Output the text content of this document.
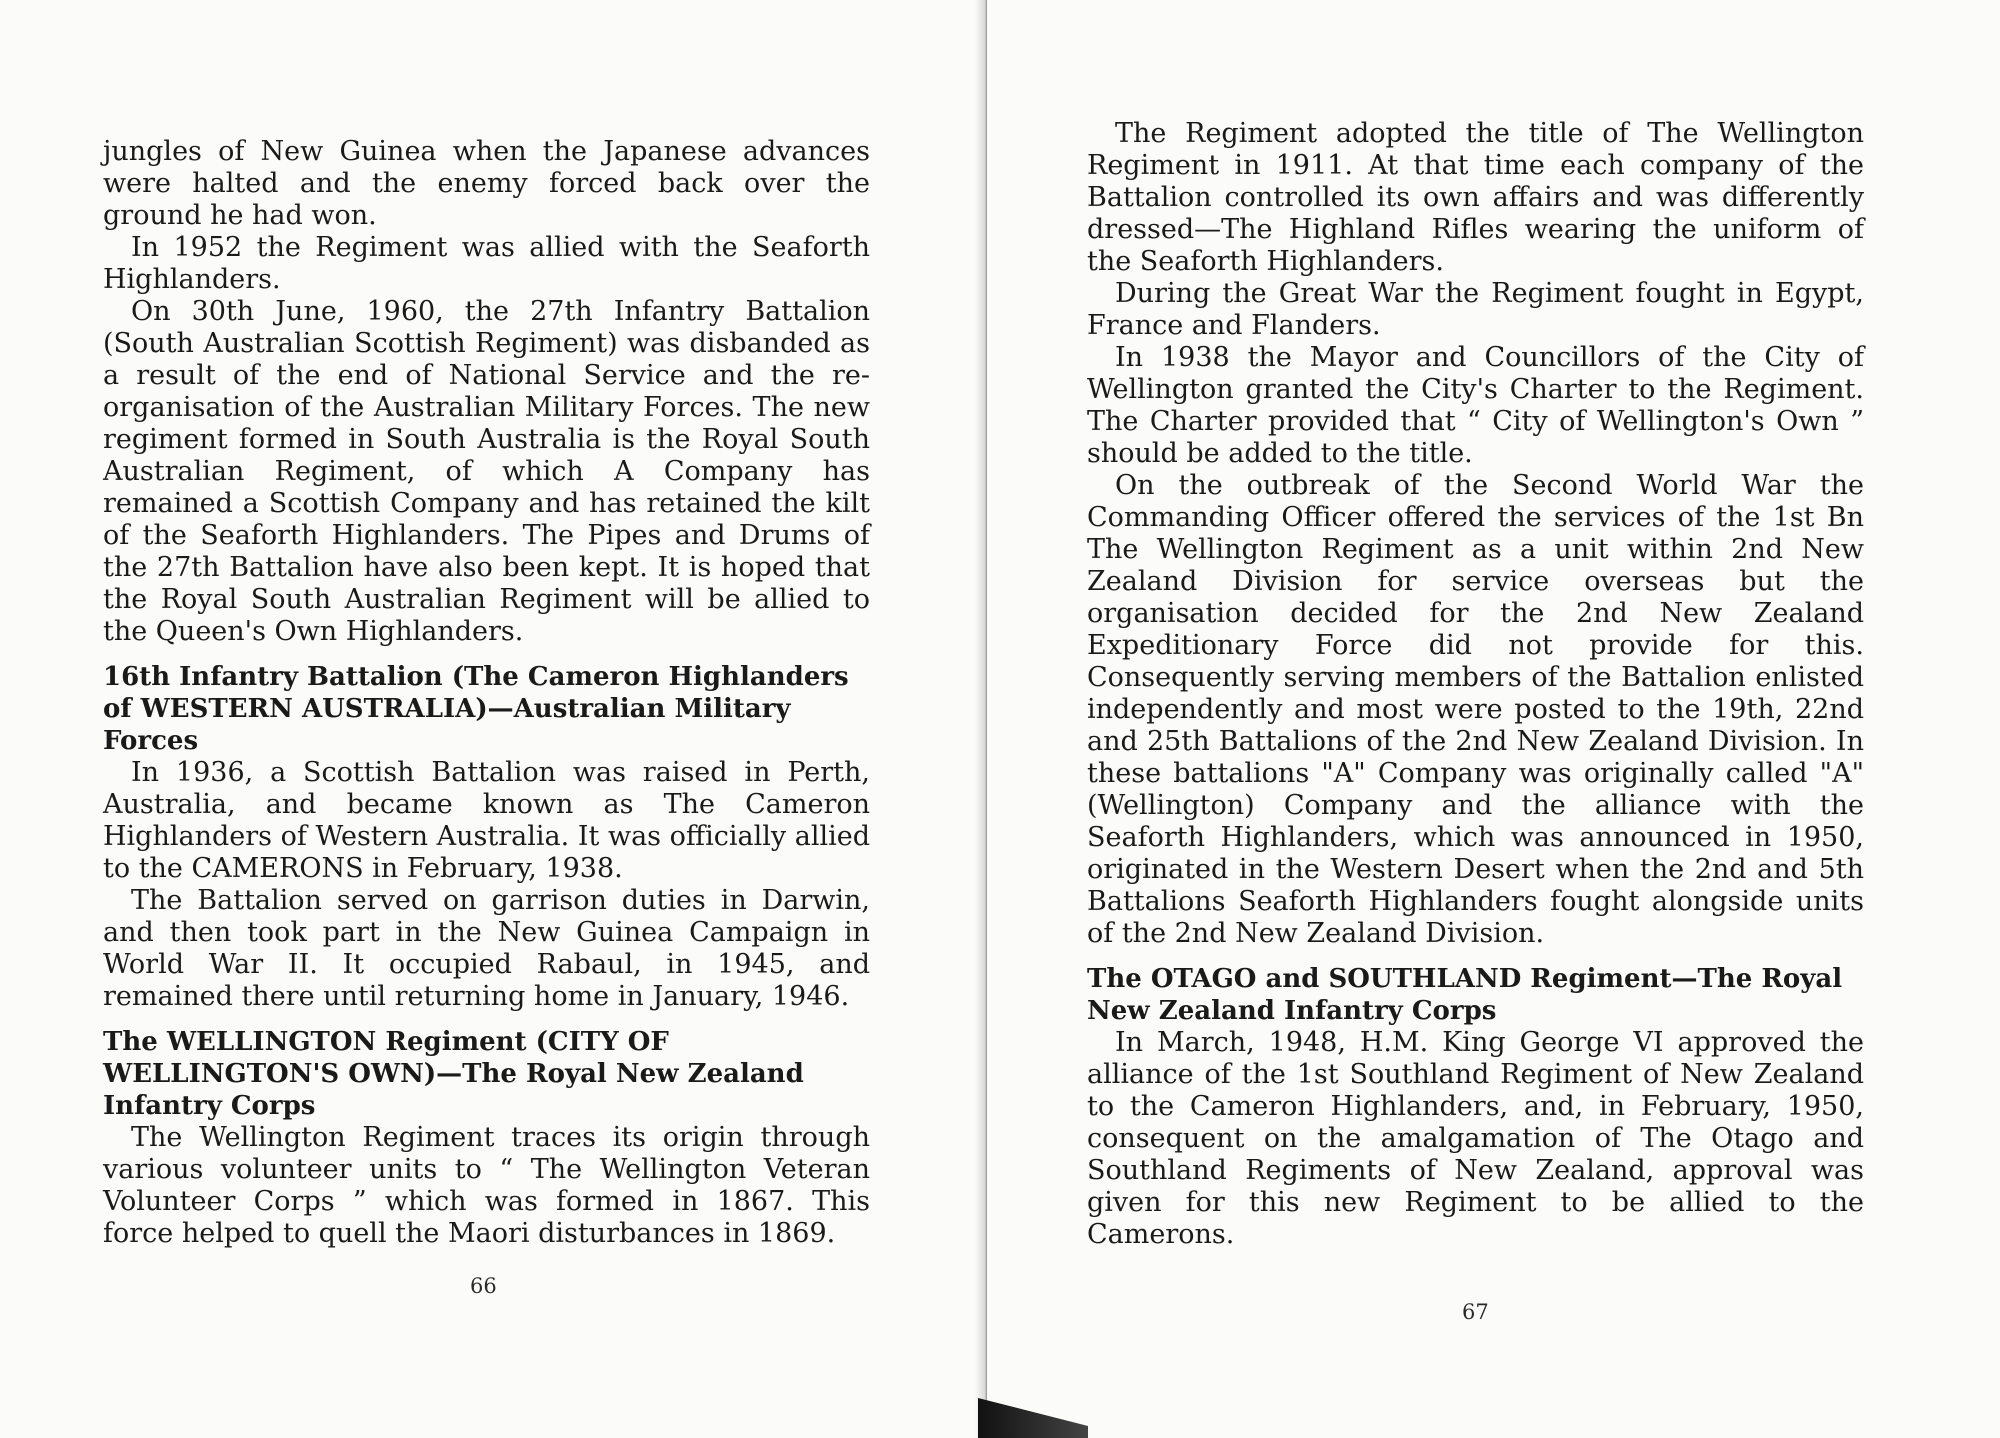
jungles of New Guinea when the Japanese advances were halted and the enemy forced back over the ground he had won.

In 1952 the Regiment was allied with the Seaforth Highlanders.

On 30th June, 1960, the 27th Infantry Battalion (South Australian Scottish Regiment) was disbanded as a result of the end of National Service and the re-organisation of the Australian Military Forces. The new regiment formed in South Australia is the Royal South Australian Regiment, of which A Company has remained a Scottish Company and has retained the kilt of the Seaforth Highlanders. The Pipes and Drums of the 27th Battalion have also been kept. It is hoped that the Royal South Australian Regiment will be allied to the Queen's Own Highlanders.

16th Infantry Battalion (The Cameron Highlanders of WESTERN AUSTRALIA)—Australian Military Forces

In 1936, a Scottish Battalion was raised in Perth, Australia, and became known as The Cameron Highlanders of Western Australia. It was officially allied to the CAMERONS in February, 1938.

The Battalion served on garrison duties in Darwin, and then took part in the New Guinea Campaign in World War II. It occupied Rabaul, in 1945, and remained there until returning home in January, 1946.

The WELLINGTON Regiment (CITY OF WELLINGTON'S OWN)—The Royal New Zealand Infantry Corps

The Wellington Regiment traces its origin through various volunteer units to “ The Wellington Veteran Volunteer Corps ” which was formed in 1867. This force helped to quell the Maori disturbances in 1869.

66

The Regiment adopted the title of The Wellington Regiment in 1911. At that time each company of the Battalion controlled its own affairs and was differently dressed—The Highland Rifles wearing the uniform of the Seaforth Highlanders.

During the Great War the Regiment fought in Egypt, France and Flanders.

In 1938 the Mayor and Councillors of the City of Wellington granted the City's Charter to the Regiment. The Charter provided that “ City of Wellington's Own ” should be added to the title.

On the outbreak of the Second World War the Commanding Officer offered the services of the 1st Bn The Wellington Regiment as a unit within 2nd New Zealand Division for service overseas but the organisation decided for the 2nd New Zealand Expeditionary Force did not provide for this. Consequently serving members of the Battalion enlisted independently and most were posted to the 19th, 22nd and 25th Battalions of the 2nd New Zealand Division. In these battalions "A" Company was originally called "A" (Wellington) Company and the alliance with the Seaforth Highlanders, which was announced in 1950, originated in the Western Desert when the 2nd and 5th Battalions Seaforth Highlanders fought alongside units of the 2nd New Zealand Division.

The OTAGO and SOUTHLAND Regiment—The Royal New Zealand Infantry Corps

In March, 1948, H.M. King George VI approved the alliance of the 1st Southland Regiment of New Zealand to the Cameron Highlanders, and, in February, 1950, consequent on the amalgamation of The Otago and Southland Regiments of New Zealand, approval was given for this new Regiment to be allied to the Camerons.

67
